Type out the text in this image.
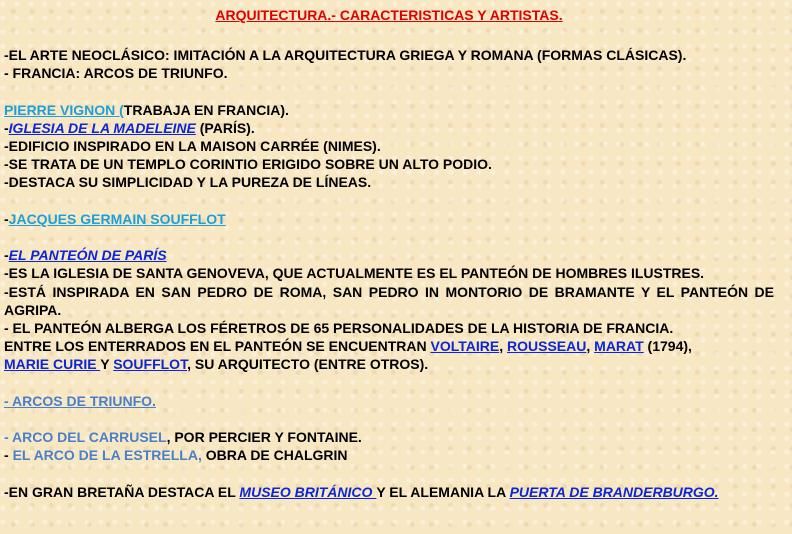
ARQUITECTURA.- CARACTERISTICAS Y ARTISTAS.
-EL ARTE NEOCLÁSICO: IMITACIÓN A LA ARQUITECTURA GRIEGA Y ROMANA (FORMAS CLÁSICAS).
- FRANCIA: ARCOS DE TRIUNFO.
PIERRE VIGNON (TRABAJA EN FRANCIA).
-IGLESIA DE LA MADELEINE (PARÍS).
-EDIFICIO INSPIRADO EN LA MAISON CARRÉE (NIMES).
-SE TRATA DE UN TEMPLO CORINTIO ERIGIDO SOBRE UN ALTO PODIO.
-DESTACA SU SIMPLICIDAD Y LA PUREZA DE LÍNEAS.
-JACQUES GERMAIN SOUFFLOT
-EL PANTEÓN DE PARÍS
-ES LA IGLESIA DE SANTA GENOVEVA, QUE ACTUALMENTE ES EL PANTEÓN DE HOMBRES ILUSTRES.
-ESTÁ INSPIRADA EN SAN PEDRO DE ROMA, SAN PEDRO IN MONTORIO DE BRAMANTE Y EL PANTEÓN DE AGRIPA.
- EL PANTEÓN ALBERGA LOS FÉRETROS DE 65 PERSONALIDADES DE LA HISTORIA DE FRANCIA.
ENTRE LOS ENTERRADOS EN EL PANTEÓN SE ENCUENTRAN VOLTAIRE, ROUSSEAU, MARAT (1794),
MARIE CURIE Y SOUFFLOT, SU ARQUITECTO (ENTRE OTROS).
- ARCOS DE TRIUNFO.
- ARCO DEL CARRUSEL, POR PERCIER Y FONTAINE.
- EL ARCO DE LA ESTRELLA, OBRA DE CHALGRIN
-EN GRAN BRETAÑA DESTACA EL MUSEO BRITÁNICO Y EL ALEMANIA LA PUERTA DE BRANDERBURGO.
